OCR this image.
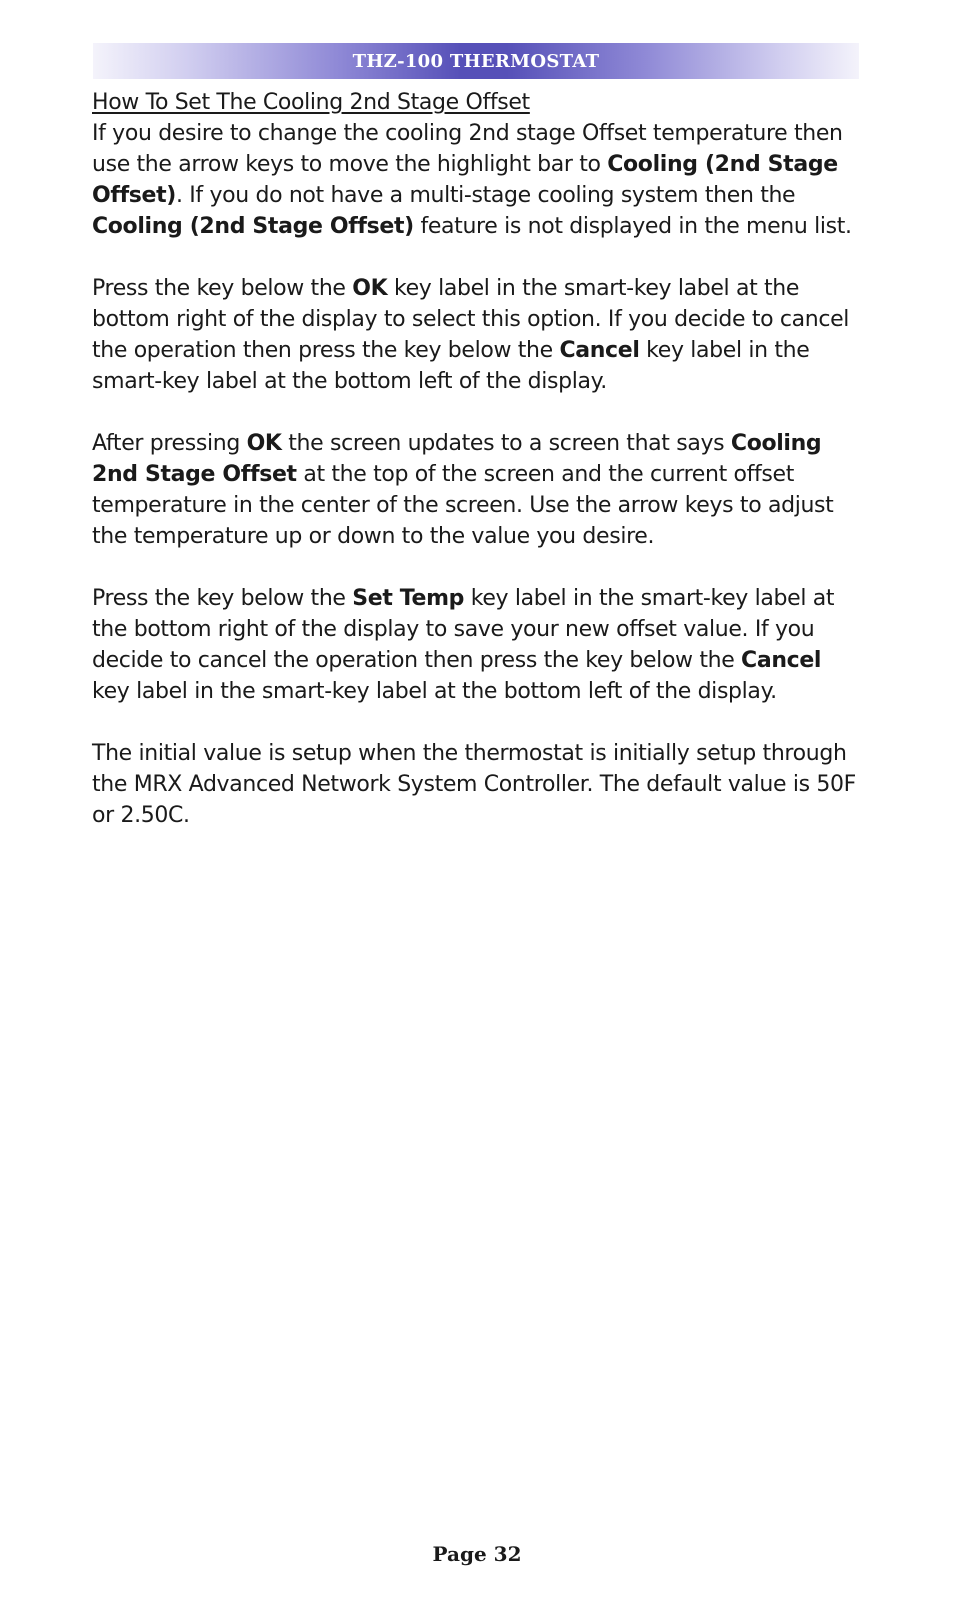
THZ-100 THERMOSTAT
How To Set The Cooling 2nd Stage Offset

If you desire to change the cooling 2nd stage Offset temperature then use the arrow keys to move the highlight bar to Cooling (2nd Stage Offset). If you do not have a multi-stage cooling system then the Cooling (2nd Stage Offset) feature is not displayed in the menu list.

Press the key below the OK key label in the smart-key label at the bottom right of the display to select this option. If you decide to cancel the operation then press the key below the Cancel key label in the smart-key label at the bottom left of the display.

After pressing OK the screen updates to a screen that says Cooling 2nd Stage Offset at the top of the screen and the current offset temperature in the center of the screen. Use the arrow keys to adjust the temperature up or down to the value you desire.

Press the key below the Set Temp key label in the smart-key label at the bottom right of the display to save your new offset value. If you decide to cancel the operation then press the key below the Cancel key label in the smart-key label at the bottom left of the display.

The initial value is setup when the thermostat is initially setup through the MRX Advanced Network System Controller. The default value is 50F or 2.50C.

Page 32
